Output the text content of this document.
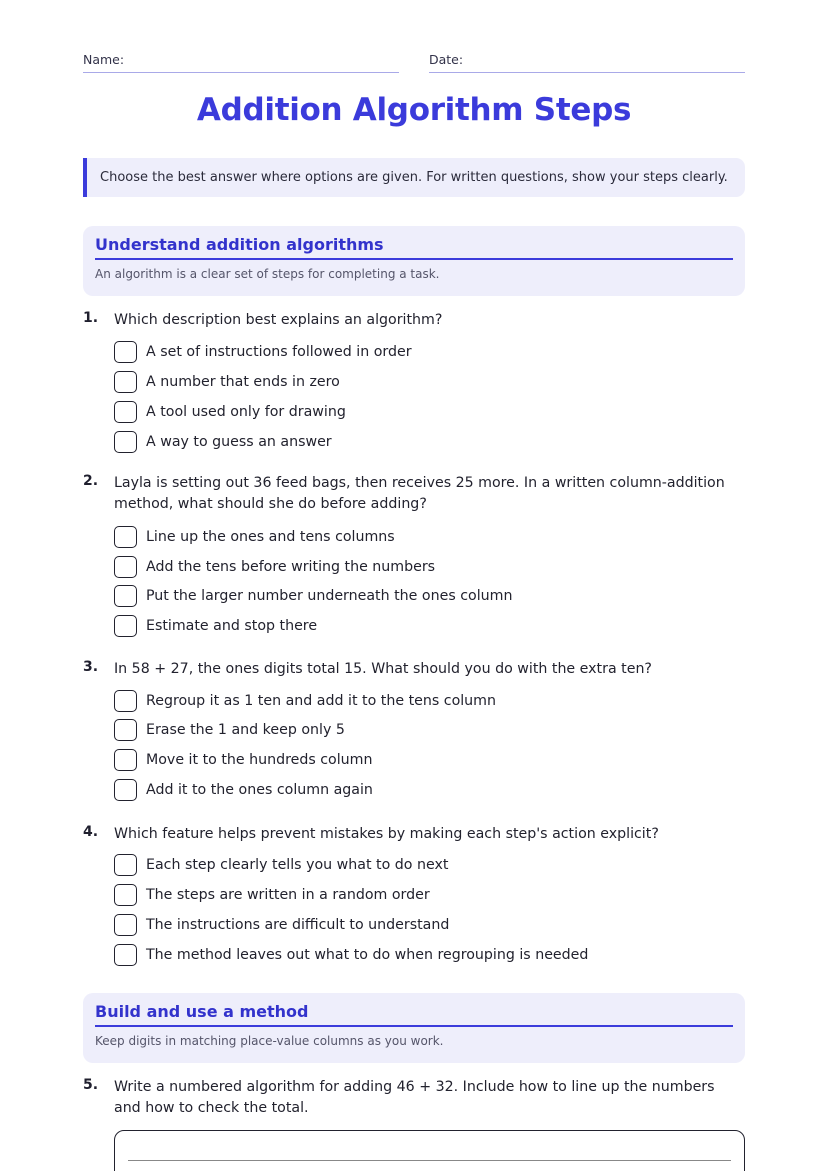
Name:	Date:
Addition Algorithm Steps
Choose the best answer where options are given. For written questions, show your steps clearly.
Understand addition algorithms
An algorithm is a clear set of steps for completing a task.
1. Which description best explains an algorithm?
A set of instructions followed in order
A number that ends in zero
A tool used only for drawing
A way to guess an answer
2. Layla is setting out 36 feed bags, then receives 25 more. In a written column-addition method, what should she do before adding?
Line up the ones and tens columns
Add the tens before writing the numbers
Put the larger number underneath the ones column
Estimate and stop there
3. In 58 + 27, the ones digits total 15. What should you do with the extra ten?
Regroup it as 1 ten and add it to the tens column
Erase the 1 and keep only 5
Move it to the hundreds column
Add it to the ones column again
4. Which feature helps prevent mistakes by making each step's action explicit?
Each step clearly tells you what to do next
The steps are written in a random order
The instructions are difficult to understand
The method leaves out what to do when regrouping is needed
Build and use a method
Keep digits in matching place-value columns as you work.
5. Write a numbered algorithm for adding 46 + 32. Include how to line up the numbers and how to check the total.
